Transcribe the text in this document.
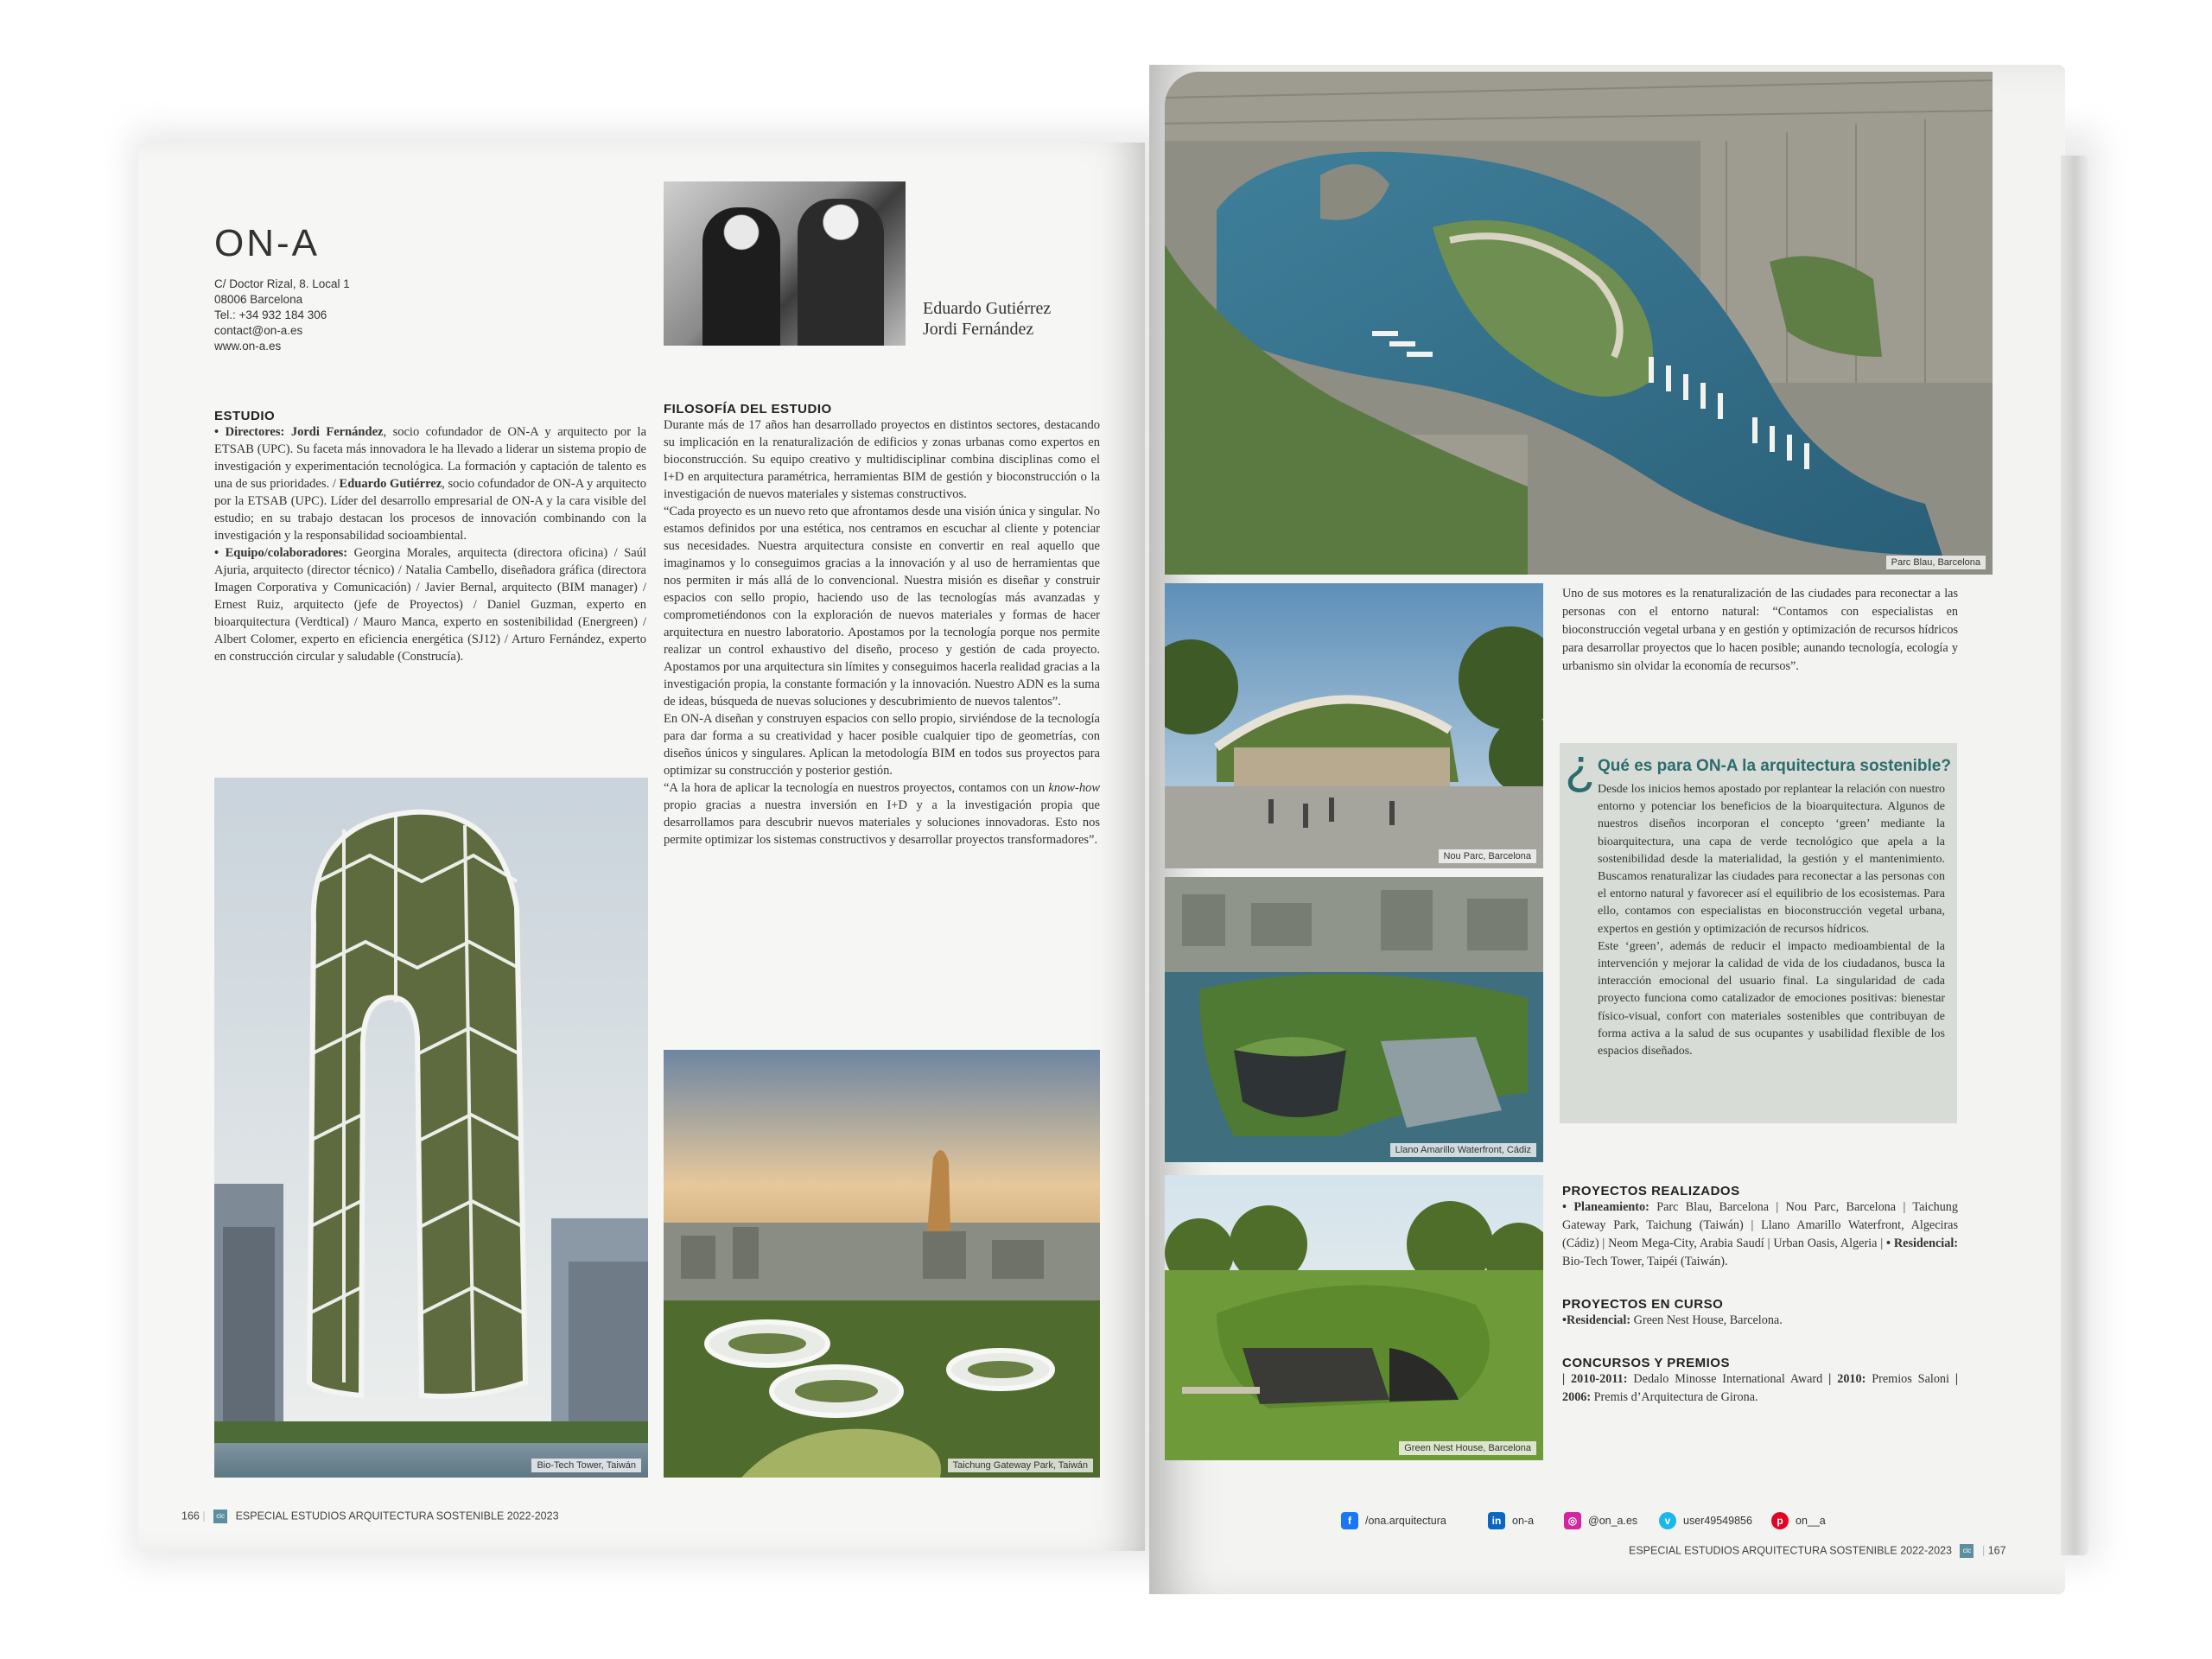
ON-A
C/ Doctor Rizal, 8. Local 1
08006 Barcelona
Tel.: +34 932 184 306
contact@on-a.es
www.on-a.es
Eduardo Gutiérrez
Jordi Fernández
ESTUDIO
• Directores: Jordi Fernández, socio cofundador de ON-A y arquitecto por la ETSAB (UPC). Su faceta más innovadora le ha llevado a liderar un sistema propio de investigación y experimentación tecnológica. La formación y captación de talento es una de sus prioridades. / Eduardo Gutiérrez, socio cofundador de ON-A y arquitecto por la ETSAB (UPC). Líder del desarrollo empresarial de ON-A y la cara visible del estudio; en su trabajo destacan los procesos de innovación combinando con la investigación y la responsabilidad socioambiental.
• Equipo/colaboradores: Georgina Morales, arquitecta (directora oficina) / Saúl Ajuria, arquitecto (director técnico) / Natalia Cambello, diseñadora gráfica (directora Imagen Corporativa y Comunicación) / Javier Bernal, arquitecto (BIM manager) / Ernest Ruiz, arquitecto (jefe de Proyectos) / Daniel Guzman, experto en bioarquitectura (Verdtical) / Mauro Manca, experto en sostenibilidad (Energreen) / Albert Colomer, experto en eficiencia energética (SJ12) / Arturo Fernández, experto en construcción circular y saludable (Construcía).
Bio-Tech Tower, Taiwán
FILOSOFÍA DEL ESTUDIO
Durante más de 17 años han desarrollado proyectos en distintos sectores, destacando su implicación en la renaturalización de edificios y zonas urbanas como expertos en bioconstrucción. Su equipo creativo y multidisciplinar combina disciplinas como el I+D en arquitectura paramétrica, herramientas BIM de gestión y bioconstrucción o la investigación de nuevos materiales y sistemas constructivos.
“Cada proyecto es un nuevo reto que afrontamos desde una visión única y singular. No estamos definidos por una estética, nos centramos en escuchar al cliente y potenciar sus necesidades. Nuestra arquitectura consiste en convertir en real aquello que imaginamos y lo conseguimos gracias a la innovación y al uso de herramientas que nos permiten ir más allá de lo convencional. Nuestra misión es diseñar y construir espacios con sello propio, haciendo uso de las tecnologías más avanzadas y comprometiéndonos con la exploración de nuevos materiales y formas de hacer arquitectura en nuestro laboratorio. Apostamos por la tecnología porque nos permite realizar un control exhaustivo del diseño, proceso y gestión de cada proyecto. Apostamos por una arquitectura sin límites y conseguimos hacerla realidad gracias a la investigación propia, la constante formación y la innovación. Nuestro ADN es la suma de ideas, búsqueda de nuevas soluciones y descubrimiento de nuevos talentos”.
En ON-A diseñan y construyen espacios con sello propio, sirviéndose de la tecnología para dar forma a su creatividad y hacer posible cualquier tipo de geometrías, con diseños únicos y singulares. Aplican la metodología BIM en todos sus proyectos para optimizar su construcción y posterior gestión.
“A la hora de aplicar la tecnología en nuestros proyectos, contamos con un know-how propio gracias a nuestra inversión en I+D y a la investigación propia que desarrollamos para descubrir nuevos materiales y soluciones innovadoras. Esto nos permite optimizar los sistemas constructivos y desarrollar proyectos transformadores”.
Taichung Gateway Park, Taiwán
166 | cic ESPECIAL ESTUDIOS ARQUITECTURA SOSTENIBLE 2022-2023
Parc Blau, Barcelona
Nou Parc, Barcelona
Uno de sus motores es la renaturalización de las ciudades para reconectar a las personas con el entorno natural: “Contamos con especialistas en bioconstrucción vegetal urbana y en gestión y optimización de recursos hídricos para desarrollar proyectos que lo hacen posible; aunando tecnología, ecología y urbanismo sin olvidar la economía de recursos”.
¿ Qué es para ON-A la arquitectura sostenible?
Desde los inicios hemos apostado por replantear la relación con nuestro entorno y potenciar los beneficios de la bioarquitectura. Algunos de nuestros diseños incorporan el concepto ‘green’ mediante la bioarquitectura, una capa de verde tecnológico que apela a la sostenibilidad desde la materialidad, la gestión y el mantenimiento. Buscamos renaturalizar las ciudades para reconectar a las personas con el entorno natural y favorecer así el equilibrio de los ecosistemas. Para ello, contamos con especialistas en bioconstrucción vegetal urbana, expertos en gestión y optimización de recursos hídricos.
Este ‘green’, además de reducir el impacto medioambiental de la intervención y mejorar la calidad de vida de los ciudadanos, busca la interacción emocional del usuario final. La singularidad de cada proyecto funciona como catalizador de emociones positivas: bienestar físico-visual, confort con materiales sostenibles que contribuyan de forma activa a la salud de sus ocupantes y usabilidad flexible de los espacios diseñados.
Llano Amarillo Waterfront, Cádiz
Green Nest House, Barcelona
PROYECTOS REALIZADOS
• Planeamiento: Parc Blau, Barcelona | Nou Parc, Barcelona | Taichung Gateway Park, Taichung (Taiwán) | Llano Amarillo Waterfront, Algeciras (Cádiz) | Neom Mega-City, Arabia Saudí | Urban Oasis, Algeria | • Residencial: Bio-Tech Tower, Taipéi (Taiwán).
PROYECTOS EN CURSO
•Residencial: Green Nest House, Barcelona.
CONCURSOS Y PREMIOS
| 2010-2011: Dedalo Minosse International Award | 2010: Premios Saloni | 2006: Premis d’Arquitectura de Girona.
f	/ona.arquitectura	in	on-a	◎	@on_a.es	v	user49549856	p	on__a
ESPECIAL ESTUDIOS ARQUITECTURA SOSTENIBLE 2022-2023 cic | 167
